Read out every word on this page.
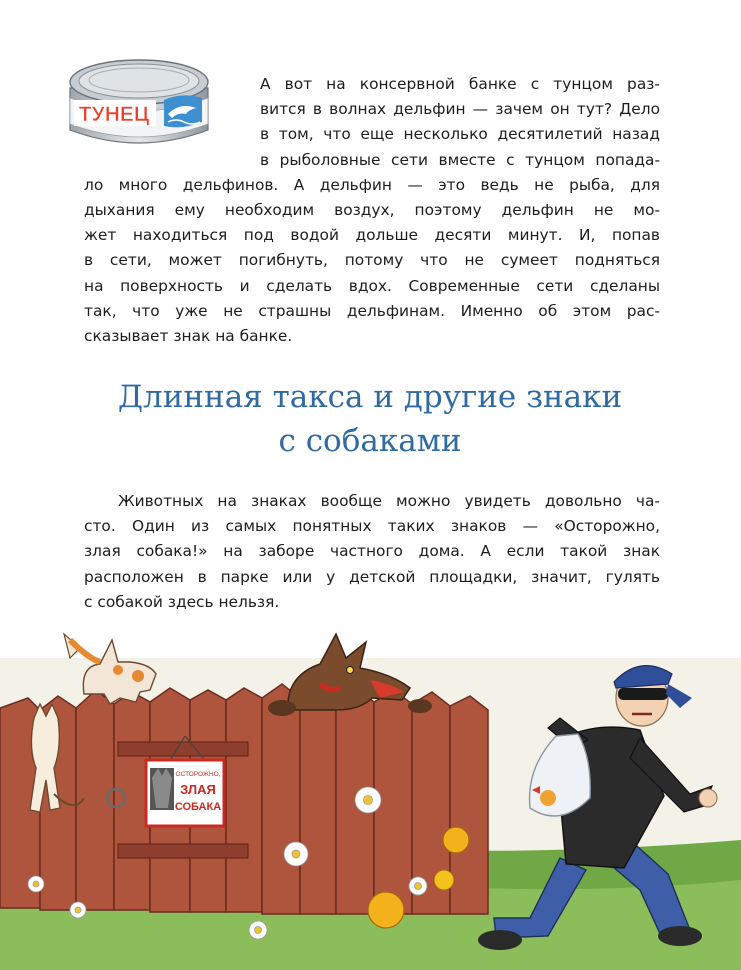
ТУНЕЦ
А вот на консервной банке с тунцом раз-
вится в волнах дельфин — зачем он тут? Дело
в том, что еще несколько десятилетий назад
в рыболовные сети вместе с тунцом попада-
ло много дельфинов. А дельфин — это ведь не рыба, для
дыхания ему необходим воздух, поэтому дельфин не мо-
жет находиться под водой дольше десяти минут. И, попав
в сети, может погибнуть, потому что не сумеет подняться
на поверхность и сделать вдох. Современные сети сделаны
так, что уже не страшны дельфинам. Именно об этом рас-
сказывает знак на банке.
Длинная такса и другие знаки
с собаками
Животных на знаках вообще можно увидеть довольно ча-
сто. Один из самых понятных таких знаков — «Осторожно,
злая собака!» на заборе частного дома. А если такой знак
расположен в парке или у детской площадки, значит, гулять
с собакой здесь нельзя.
ОСТОРОЖНО,
ЗЛАЯ
СОБАКА
